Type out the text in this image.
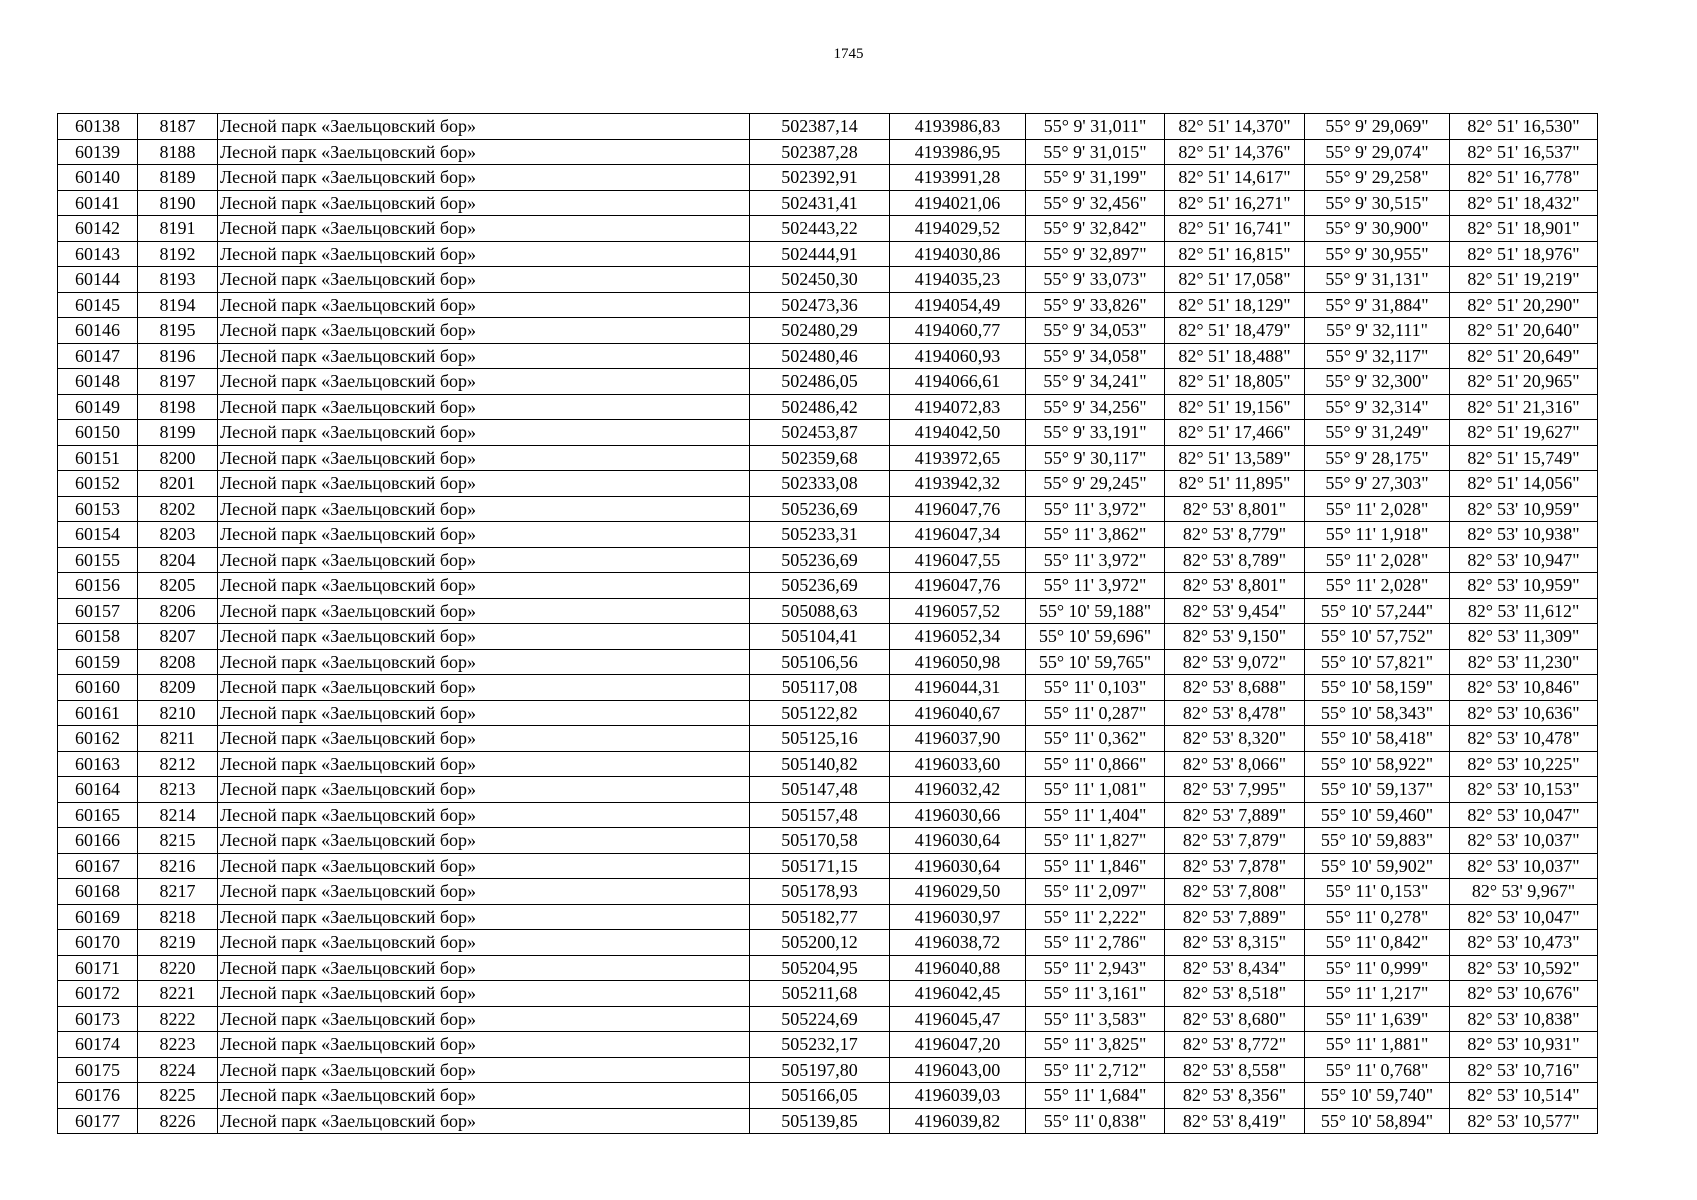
1745
60138	8187	Лесной парк «Заельцовский бор»	502387,14	4193986,83	55° 9' 31,011"	82° 51' 14,370"	55° 9' 29,069"	82° 51' 16,530"
60139	8188	Лесной парк «Заельцовский бор»	502387,28	4193986,95	55° 9' 31,015"	82° 51' 14,376"	55° 9' 29,074"	82° 51' 16,537"
60140	8189	Лесной парк «Заельцовский бор»	502392,91	4193991,28	55° 9' 31,199"	82° 51' 14,617"	55° 9' 29,258"	82° 51' 16,778"
60141	8190	Лесной парк «Заельцовский бор»	502431,41	4194021,06	55° 9' 32,456"	82° 51' 16,271"	55° 9' 30,515"	82° 51' 18,432"
60142	8191	Лесной парк «Заельцовский бор»	502443,22	4194029,52	55° 9' 32,842"	82° 51' 16,741"	55° 9' 30,900"	82° 51' 18,901"
60143	8192	Лесной парк «Заельцовский бор»	502444,91	4194030,86	55° 9' 32,897"	82° 51' 16,815"	55° 9' 30,955"	82° 51' 18,976"
60144	8193	Лесной парк «Заельцовский бор»	502450,30	4194035,23	55° 9' 33,073"	82° 51' 17,058"	55° 9' 31,131"	82° 51' 19,219"
60145	8194	Лесной парк «Заельцовский бор»	502473,36	4194054,49	55° 9' 33,826"	82° 51' 18,129"	55° 9' 31,884"	82° 51' 20,290"
60146	8195	Лесной парк «Заельцовский бор»	502480,29	4194060,77	55° 9' 34,053"	82° 51' 18,479"	55° 9' 32,111"	82° 51' 20,640"
60147	8196	Лесной парк «Заельцовский бор»	502480,46	4194060,93	55° 9' 34,058"	82° 51' 18,488"	55° 9' 32,117"	82° 51' 20,649"
60148	8197	Лесной парк «Заельцовский бор»	502486,05	4194066,61	55° 9' 34,241"	82° 51' 18,805"	55° 9' 32,300"	82° 51' 20,965"
60149	8198	Лесной парк «Заельцовский бор»	502486,42	4194072,83	55° 9' 34,256"	82° 51' 19,156"	55° 9' 32,314"	82° 51' 21,316"
60150	8199	Лесной парк «Заельцовский бор»	502453,87	4194042,50	55° 9' 33,191"	82° 51' 17,466"	55° 9' 31,249"	82° 51' 19,627"
60151	8200	Лесной парк «Заельцовский бор»	502359,68	4193972,65	55° 9' 30,117"	82° 51' 13,589"	55° 9' 28,175"	82° 51' 15,749"
60152	8201	Лесной парк «Заельцовский бор»	502333,08	4193942,32	55° 9' 29,245"	82° 51' 11,895"	55° 9' 27,303"	82° 51' 14,056"
60153	8202	Лесной парк «Заельцовский бор»	505236,69	4196047,76	55° 11' 3,972"	82° 53' 8,801"	55° 11' 2,028"	82° 53' 10,959"
60154	8203	Лесной парк «Заельцовский бор»	505233,31	4196047,34	55° 11' 3,862"	82° 53' 8,779"	55° 11' 1,918"	82° 53' 10,938"
60155	8204	Лесной парк «Заельцовский бор»	505236,69	4196047,55	55° 11' 3,972"	82° 53' 8,789"	55° 11' 2,028"	82° 53' 10,947"
60156	8205	Лесной парк «Заельцовский бор»	505236,69	4196047,76	55° 11' 3,972"	82° 53' 8,801"	55° 11' 2,028"	82° 53' 10,959"
60157	8206	Лесной парк «Заельцовский бор»	505088,63	4196057,52	55° 10' 59,188"	82° 53' 9,454"	55° 10' 57,244"	82° 53' 11,612"
60158	8207	Лесной парк «Заельцовский бор»	505104,41	4196052,34	55° 10' 59,696"	82° 53' 9,150"	55° 10' 57,752"	82° 53' 11,309"
60159	8208	Лесной парк «Заельцовский бор»	505106,56	4196050,98	55° 10' 59,765"	82° 53' 9,072"	55° 10' 57,821"	82° 53' 11,230"
60160	8209	Лесной парк «Заельцовский бор»	505117,08	4196044,31	55° 11' 0,103"	82° 53' 8,688"	55° 10' 58,159"	82° 53' 10,846"
60161	8210	Лесной парк «Заельцовский бор»	505122,82	4196040,67	55° 11' 0,287"	82° 53' 8,478"	55° 10' 58,343"	82° 53' 10,636"
60162	8211	Лесной парк «Заельцовский бор»	505125,16	4196037,90	55° 11' 0,362"	82° 53' 8,320"	55° 10' 58,418"	82° 53' 10,478"
60163	8212	Лесной парк «Заельцовский бор»	505140,82	4196033,60	55° 11' 0,866"	82° 53' 8,066"	55° 10' 58,922"	82° 53' 10,225"
60164	8213	Лесной парк «Заельцовский бор»	505147,48	4196032,42	55° 11' 1,081"	82° 53' 7,995"	55° 10' 59,137"	82° 53' 10,153"
60165	8214	Лесной парк «Заельцовский бор»	505157,48	4196030,66	55° 11' 1,404"	82° 53' 7,889"	55° 10' 59,460"	82° 53' 10,047"
60166	8215	Лесной парк «Заельцовский бор»	505170,58	4196030,64	55° 11' 1,827"	82° 53' 7,879"	55° 10' 59,883"	82° 53' 10,037"
60167	8216	Лесной парк «Заельцовский бор»	505171,15	4196030,64	55° 11' 1,846"	82° 53' 7,878"	55° 10' 59,902"	82° 53' 10,037"
60168	8217	Лесной парк «Заельцовский бор»	505178,93	4196029,50	55° 11' 2,097"	82° 53' 7,808"	55° 11' 0,153"	82° 53' 9,967"
60169	8218	Лесной парк «Заельцовский бор»	505182,77	4196030,97	55° 11' 2,222"	82° 53' 7,889"	55° 11' 0,278"	82° 53' 10,047"
60170	8219	Лесной парк «Заельцовский бор»	505200,12	4196038,72	55° 11' 2,786"	82° 53' 8,315"	55° 11' 0,842"	82° 53' 10,473"
60171	8220	Лесной парк «Заельцовский бор»	505204,95	4196040,88	55° 11' 2,943"	82° 53' 8,434"	55° 11' 0,999"	82° 53' 10,592"
60172	8221	Лесной парк «Заельцовский бор»	505211,68	4196042,45	55° 11' 3,161"	82° 53' 8,518"	55° 11' 1,217"	82° 53' 10,676"
60173	8222	Лесной парк «Заельцовский бор»	505224,69	4196045,47	55° 11' 3,583"	82° 53' 8,680"	55° 11' 1,639"	82° 53' 10,838"
60174	8223	Лесной парк «Заельцовский бор»	505232,17	4196047,20	55° 11' 3,825"	82° 53' 8,772"	55° 11' 1,881"	82° 53' 10,931"
60175	8224	Лесной парк «Заельцовский бор»	505197,80	4196043,00	55° 11' 2,712"	82° 53' 8,558"	55° 11' 0,768"	82° 53' 10,716"
60176	8225	Лесной парк «Заельцовский бор»	505166,05	4196039,03	55° 11' 1,684"	82° 53' 8,356"	55° 10' 59,740"	82° 53' 10,514"
60177	8226	Лесной парк «Заельцовский бор»	505139,85	4196039,82	55° 11' 0,838"	82° 53' 8,419"	55° 10' 58,894"	82° 53' 10,577"
